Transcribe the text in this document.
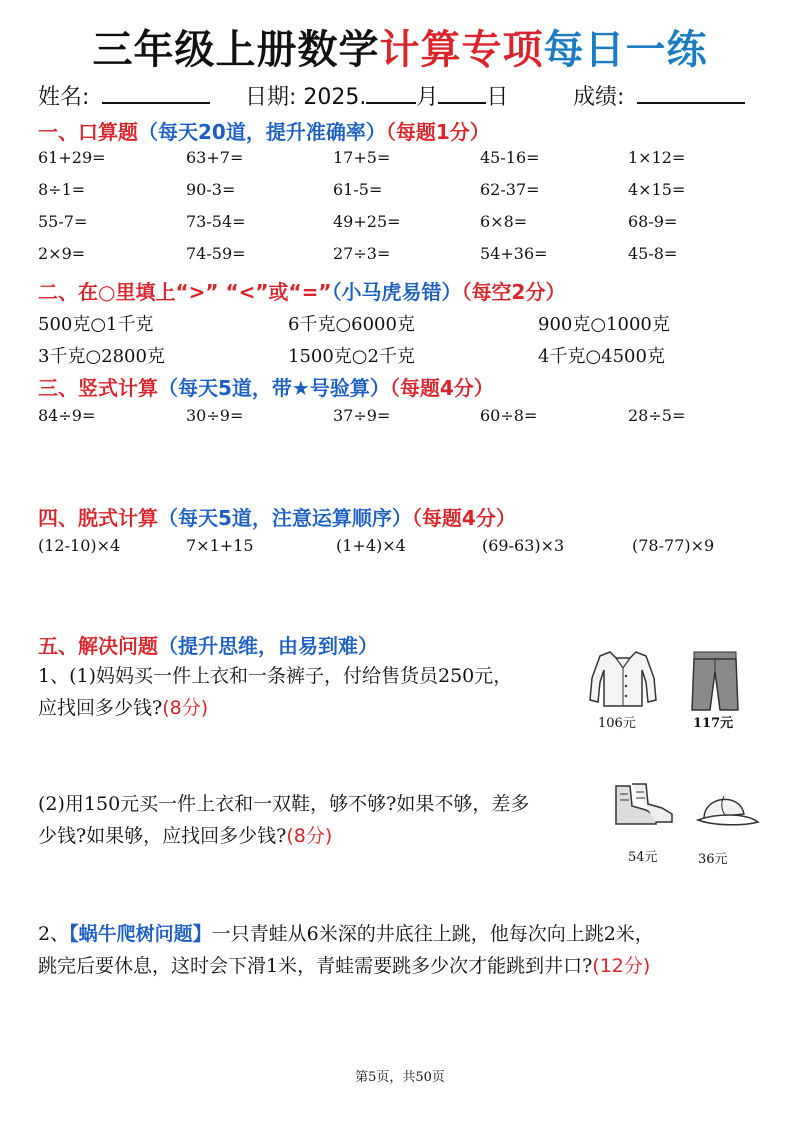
三年级上册数学计算专项每日一练
姓名:	日期: 2025. 月 日	成绩:
一、口算题（每天20道，提升准确率）（每题1分）
61+29=	63+7=	17+5=	45-16=	1×12=
8÷1=	90-3=	61-5=	62-37=	4×15=
55-7=	73-54=	49+25=	6×8=	68-9=
2×9=	74-59=	27÷3=	54+36=	45-8=
二、在○里填上“>” “<”或“=”（小马虎易错）（每空2分）
500克○1千克	6千克○6000克	900克○1000克
3千克○2800克	1500克○2千克	4千克○4500克
三、竖式计算（每天5道，带★号验算）（每题4分）
84÷9=	30÷9=	37÷9=	60÷8=	28÷5=
四、脱式计算（每天5道，注意运算顺序）（每题4分）
(12-10)×4	7×1+15	(1+4)×4	(69-63)×3	(78-77)×9
五、解决问题（提升思维，由易到难）
1、(1)妈妈买一件上衣和一条裤子，付给售货员250元，
应找回多少钱?(8分)
106元	117元
(2)用150元买一件上衣和一双鞋，够不够?如果不够，差多
少钱?如果够，应找回多少钱?(8分)
54元	36元
2、【蜗牛爬树问题】一只青蛙从6米深的井底往上跳，他每次向上跳2米，
跳完后要休息，这时会下滑1米，青蛙需要跳多少次才能跳到井口?(12分)
第5页，共50页
